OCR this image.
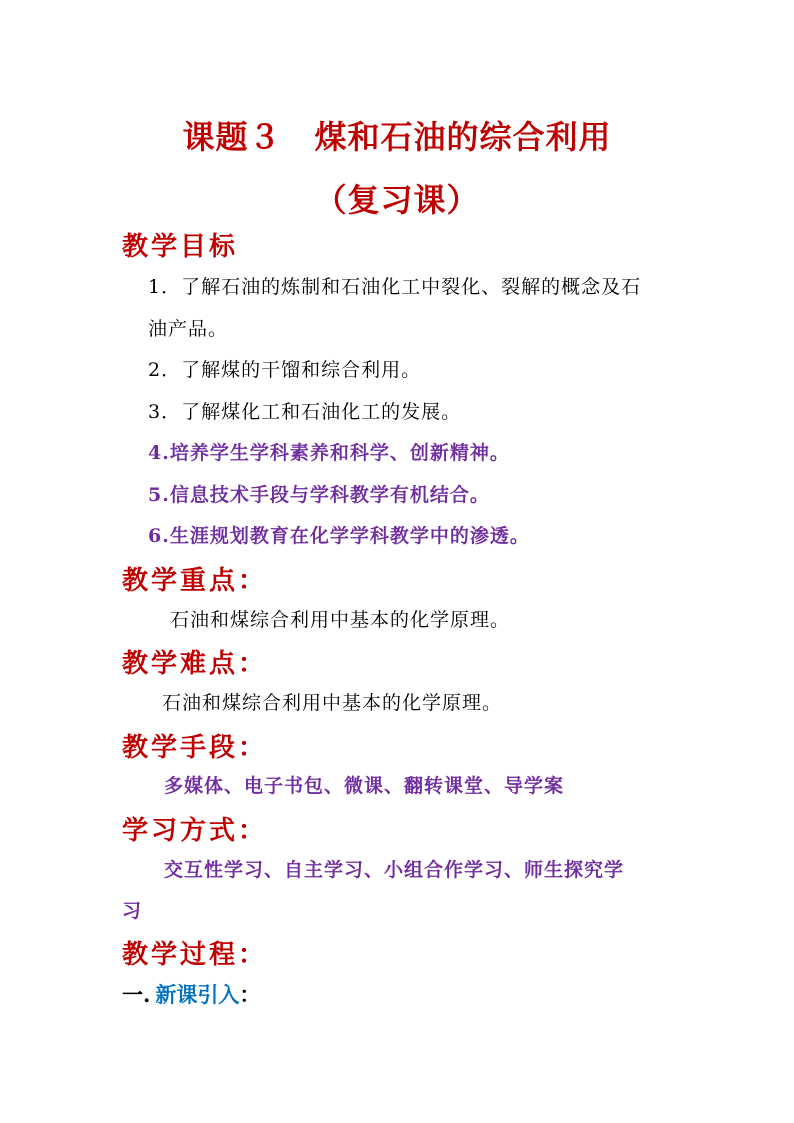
课题３　煤和石油的综合利用
（复习课）
教学目标
1．了解石油的炼制和石油化工中裂化、裂解的概念及石
油产品。
2．了解煤的干馏和综合利用。
3．了解煤化工和石油化工的发展。
4.培养学生学科素养和科学、创新精神。
5.信息技术手段与学科教学有机结合。
6.生涯规划教育在化学学科教学中的渗透。
教学重点：
石油和煤综合利用中基本的化学原理。
教学难点：
石油和煤综合利用中基本的化学原理。
教学手段：
多媒体、电子书包、微课、翻转课堂、导学案
学习方式：
交互性学习、自主学习、小组合作学习、师生探究学
习
教学过程：
一. 新课引入：
